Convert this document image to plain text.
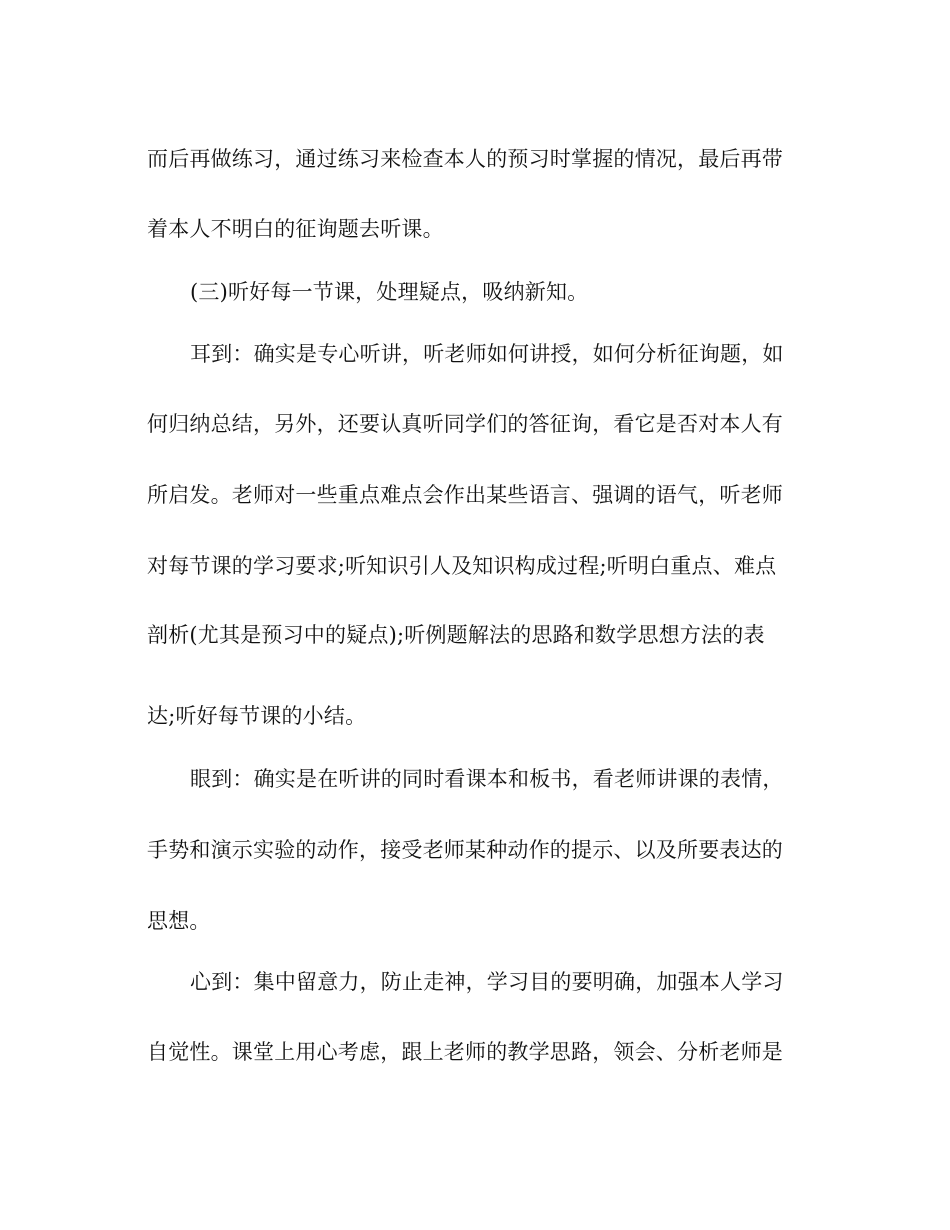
而后再做练习，通过练习来检查本人的预习时掌握的情况，最后再带
着本人不明白的征询题去听课。
(三)听好每一节课，处理疑点，吸纳新知。
耳到：确实是专心听讲，听老师如何讲授，如何分析征询题，如
何归纳总结，另外，还要认真听同学们的答征询，看它是否对本人有
所启发。老师对一些重点难点会作出某些语言、强调的语气，听老师
对每节课的学习要求;听知识引人及知识构成过程;听明白重点、难点
剖析(尤其是预习中的疑点);听例题解法的思路和数学思想方法的表
达;听好每节课的小结。
眼到：确实是在听讲的同时看课本和板书，看老师讲课的表情，
手势和演示实验的动作，接受老师某种动作的提示、以及所要表达的
思想。
心到：集中留意力，防止走神，学习目的要明确，加强本人学习
自觉性。课堂上用心考虑，跟上老师的教学思路，领会、分析老师是
